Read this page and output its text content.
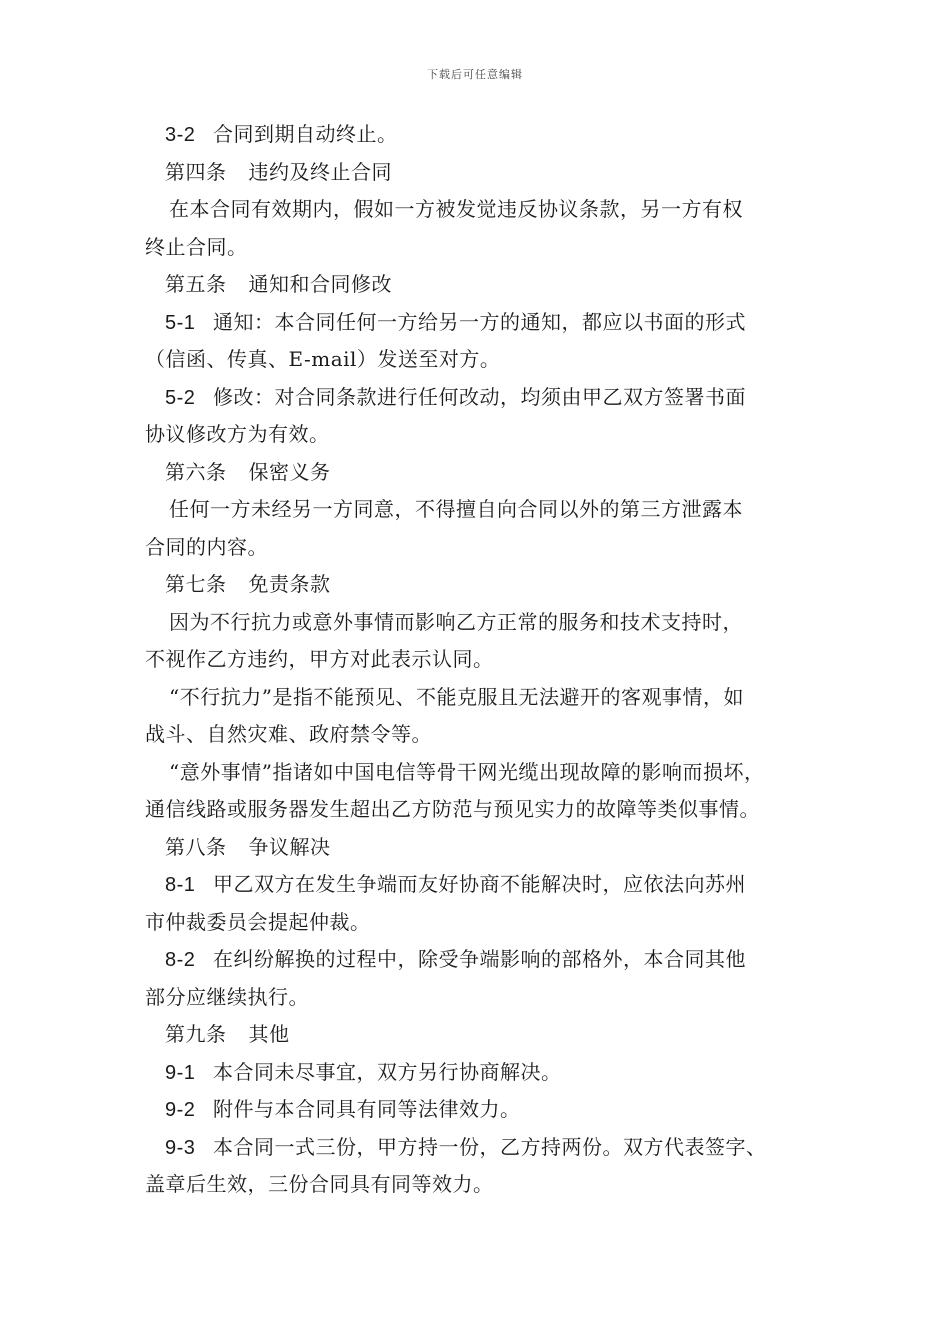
下载后可任意编辑
3-2 合同到期自动终止。
第四条 违约及终止合同
在本合同有效期内，假如一方被发觉违反协议条款，另一方有权
终止合同。
第五条 通知和合同修改
5-1 通知：本合同任何一方给另一方的通知，都应以书面的形式
（信函、传真、E-mail）发送至对方。
5-2 修改：对合同条款进行任何改动，均须由甲乙双方签署书面
协议修改方为有效。
第六条 保密义务
任何一方未经另一方同意，不得擅自向合同以外的第三方泄露本
合同的内容。
第七条 免责条款
因为不行抗力或意外事情而影响乙方正常的服务和技术支持时，
不视作乙方违约，甲方对此表示认同。
“不行抗力”是指不能预见、不能克服且无法避开的客观事情，如
战斗、自然灾难、政府禁令等。
“意外事情”指诸如中国电信等骨干网光缆出现故障的影响而损坏，
通信线路或服务器发生超出乙方防范与预见实力的故障等类似事情。
第八条 争议解决
8-1 甲乙双方在发生争端而友好协商不能解决时，应依法向苏州
市仲裁委员会提起仲裁。
8-2 在纠纷解换的过程中，除受争端影响的部格外，本合同其他
部分应继续执行。
第九条 其他
9-1 本合同未尽事宜，双方另行协商解决。
9-2 附件与本合同具有同等法律效力。
9-3 本合同一式三份，甲方持一份，乙方持两份。双方代表签字、
盖章后生效，三份合同具有同等效力。
